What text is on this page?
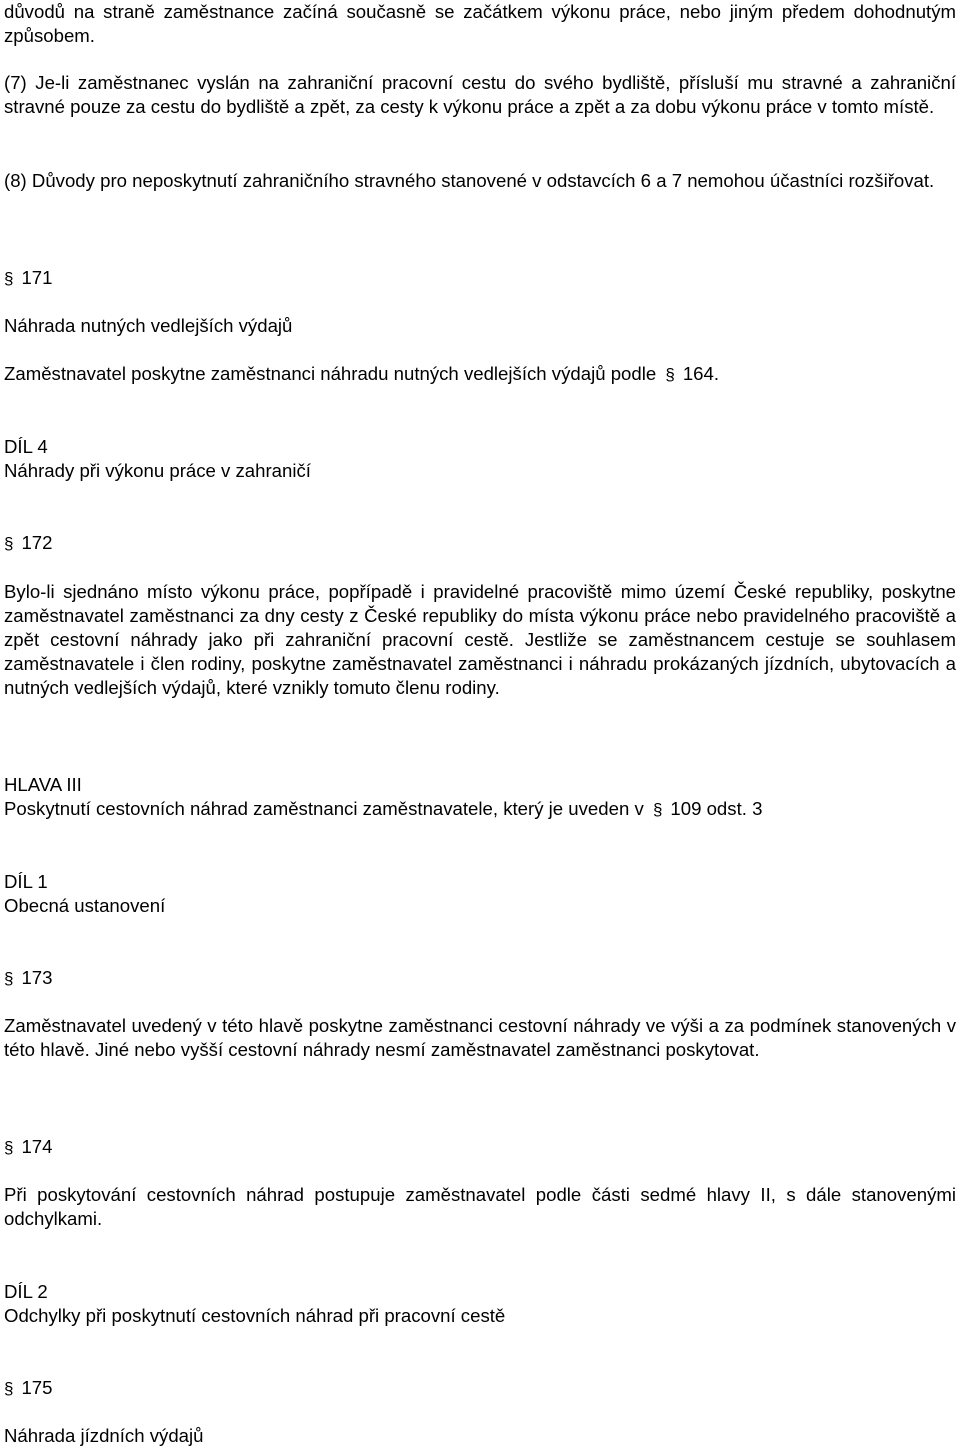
důvodů na straně zaměstnance začíná současně se začátkem výkonu práce, nebo jiným předem dohodnutým způsobem.

(7) Je-li zaměstnanec vyslán na zahraniční pracovní cestu do svého bydliště, přísluší mu stravné a zahraniční stravné pouze za cestu do bydliště a zpět, za cesty k výkonu práce a zpět a za dobu výkonu práce v tomto místě.

(8) Důvody pro neposkytnutí zahraničního stravného stanovené v odstavcích 6 a 7 nemohou účastníci rozšiřovat.

§ 171
Náhrada nutných vedlejších výdajů
Zaměstnavatel poskytne zaměstnanci náhradu nutných vedlejších výdajů podle § 164.
DÍL 4
Náhrady při výkonu práce v zahraničí
§ 172

Bylo-li sjednáno místo výkonu práce, popřípadě i pravidelné pracoviště mimo území České republiky, poskytne zaměstnavatel zaměstnanci za dny cesty z České republiky do místa výkonu práce nebo pravidelného pracoviště a zpět cestovní náhrady jako při zahraniční pracovní cestě. Jestliže se zaměstnancem cestuje se souhlasem zaměstnavatele i člen rodiny, poskytne zaměstnavatel zaměstnanci i náhradu prokázaných jízdních, ubytovacích a nutných vedlejších výdajů, které vznikly tomuto členu rodiny.

HLAVA III
Poskytnutí cestovních náhrad zaměstnanci zaměstnavatele, který je uveden v § 109 odst. 3
DÍL 1
Obecná ustanovení
§ 173

Zaměstnavatel uvedený v této hlavě poskytne zaměstnanci cestovní náhrady ve výši a za podmínek stanovených v této hlavě. Jiné nebo vyšší cestovní náhrady nesmí zaměstnavatel zaměstnanci poskytovat.

§ 174

Při poskytování cestovních náhrad postupuje zaměstnavatel podle části sedmé hlavy II, s dále stanovenými odchylkami.

DÍL 2
Odchylky při poskytnutí cestovních náhrad při pracovní cestě
§ 175
Náhrada jízdních výdajů
